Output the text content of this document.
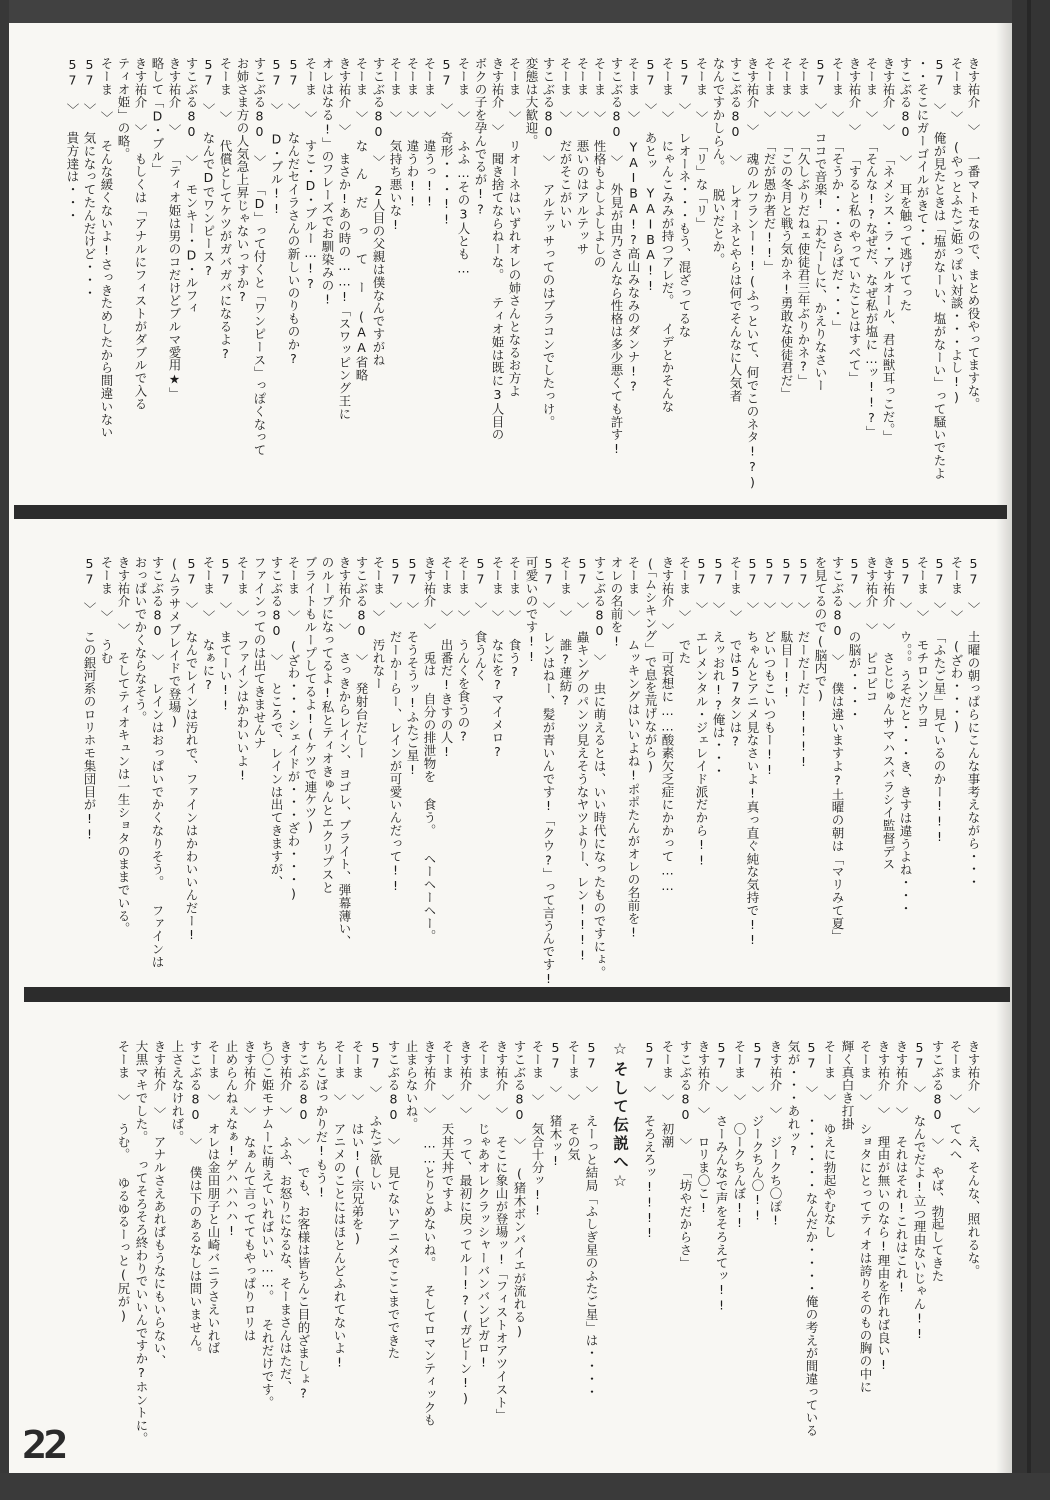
きす祐介 〉 一番マトモなので、まとめ役やってますな。
そーま 〉 (やっとふたご姫っぽい対談・・・よし!)
57 〉 俺が見たときは「塩がなーい、塩がなーい」って騒いでたよ
・・そこにガーゴイルがきて・・
すこぶる80 〉 耳を触って逃げてった
きす祐介 〉 「ネメシス・ラ・アルオール、君は獣耳っこだ。」
そーま 〉 「そんな!?なぜだ、なぜ私が塩に…ッ!!?」
きす祐介 〉 「すると私のやっていたことはすべて」
そーま 〉 「そうか・・・さらばだ・・・」
57 〉 ココで音楽!「わたーしに、かえりなさいー
そーま 〉 「久しぶりだねェ使徒君三年ぶりかネ?」
そーま 〉 「この冬月と戦う気かネ!勇敢な使徒君だ」
そーま 〉 「だが愚か者だ!!」
きす祐介 〉 魂のルフランー!!(ふっといて、何でこのネタ!?)
すこぶる80 〉 レオーネとやらは何でそんなに人気者
なんですかしらん。 脱いだとか。
そーま 〉 「リ」な「リ」
57 〉 レオーネ・・・もう、混ざってるな
そーま 〉 にゃんこみみが持つアレだ。 イデとかそんな
57 〉 あとッ YAIBA!!
そーま 〉 YAIBA!?高山みなみのダンナ!?
すこぶる80 〉 外見が由乃さんなら性格は多少悪くても許す!
そーま 〉 性格もよしよしよしの
そーま 〉 悪いのはアルテッサ
そーま 〉 だがそこがいい
すこぶる80 〉 アルテッサってのはブラコンでしたっけ。
変態は大歓迎。
そーま 〉 リオーネはいずれオレの姉さんとなるお方よ
きす祐介 〉 聞き捨てならねーな。 ティオ姫は既に3人目の
ボクの子を孕んでるが!?
そーま 〉 ふふ…その3人とも…
57 〉 奇形・・・!!
そーま 〉 違うっ!!
そーま 〉 違うわ!!
そーま 〉 気持ち悪いな!
すこぶる80 〉 2人目の父親は僕なんですがね
そーま 〉 な ん だ っ て ー (AA省略
きす祐介 〉 まさか!あの時の……!「スワッピング王に
オレはなる!」のフレーズでお馴染みの!
そーま 〉 すこ・D・ブルー…!?
57 〉 なんだセイラさんの新しいのりものか?
57 〉 D・ブル!!
すこぶる80 〉 「D」って付くと「ワンピース」っぽくなって
お姉さま方の人気急上昇じゃないっすか?
そーま 〉 代償としてケツがガバガバになるよ?
57 〉 なんでDでワンピース?
すこぶる80 〉 モンキー・D・ルフィ
きす祐介 〉 「ティオ姫は男のコだけどブルマ愛用★」
略して「D・ブル」
きす祐介 〉 もしくは「アナルにフィストがダブルで入る
ティオ姫」の略。
そーま 〉 そんな緩くないよ!さっきためしたから間違いない
57 〉 気になってたんだけど・・・
57 〉 貴方達は・・・
57 〉 土曜の朝っぱらにこんな事考えながら・・・
そーま 〉 (ざわ・・・)
57 〉 「ふたご星」見ているのかー!!!
そーま 〉 モチロンソウヨ
57 〉 ウ。。。うそだと・・・き、きすは違うよね・・・
きす祐介 〉 さとじゅんサマハスバラシイ監督デス
きす祐介 〉 ピコピコ
57 〉 の脳が・・・・
すこぶる80 〉 僕は違いますよ?土曜の朝は「マリみて夏」
を見てるので(脳内で)
57 〉 だーだーだー!!!!
57 〉 駄目ー!!
57 〉 どいつもこいつもー!!
57 〉 ちゃんとアニメ見なさいよ!真っ直ぐ純な気持で!!
そーま 〉 では57タンは?
57 〉 えッおれ!?俺は・・・
57 〉 エレメンタル・ジェレイド派だから!!
そーま 〉 でた
きす祐介 〉 可哀想に……酸素欠乏症にかかって……
(「ムシキング」で息を荒げながら)
そーま 〉 ムッキングはいいよね!ポポたんがオレの名前を!
オレの名前を!
すこぶる80 〉 虫に萌えるとは、いい時代になったものですにょ。
57 〉 蟲キングのパンツ見えそうなヤツよりー、レン!!!!
そーま 〉 誰?蓮紡?
57 〉 レンはねー、髪が青いんです!「クウ?」って言うんです!
可愛いのです!!
そーま 〉 食う?
そーま 〉 なにを?マイメロ?
57 〉 食うんく
そーま 〉 うんくを食うの?
そーま 〉 出番だ!きすの人!
きす祐介 〉 兎は 自分の排泄物を 食う。 ヘーヘーヘー。
57 〉 そうそうッ!ふたご星!
57 〉 だーかーらー、レインが可愛いんだって!!
そーま 〉 汚れなー
すこぶる80 〉 発射台だしー
きす祐介 〉 さっきからレイン、ヨゴレ、ブライト、弾幕薄い、
のループになってるよ!私とティオきゅんとエクリプスと
ブライトもループしてるよ!(ケツで連ケツ)
そーま 〉 (ざわ・・・シェイドが・・・ざわ・・・)
すこぶる80 〉 ところで、レインは出てきますが、
ファインってのは出てきませんナ
そーま 〉 ファインはかわいいよ!
57 〉 まてーい!!
そーま 〉 なぁに?
57 〉 なんでレインは汚れで、ファインはかわいいんだー!
(ムラサメブレイドで登場)
すこぶる80 〉 レインはおっぱいでかくなりそう。 ファインは
おっぱいでかくならなそう。
きす祐介 〉 そしてティオキュンは一生ショタのままでいる。
そーま 〉 うむ
57 〉 この銀河系のロリホモ集団目が!!
きす祐介 〉 え、そんな、照れるな。
そーま 〉 てへへ
すこぶる80 〉 やば、勃起してきた
57 〉 なんでだよ!立つ理由ないじゃん!!
きす祐介 〉 それはそれ!これはこれ!
きす祐介 〉 理由が無いのなら!理由を作れば良い!
そーま 〉 ショタにとってティオは誇りそのもの胸の中に
輝く真白き打掛
そーま 〉 ゆえに勃起やむなし
57 〉 ・・・・・・なんだか・・・・俺の考えが間違っている
気が・・・あれッ?
きす祐介 〉 ジークち〇ぽ!
57 〉 ジークちん〇!!
そーま 〉 〇ークちんぼ!!
57 〉 さーみんなで声をそろえてッ!!
きす祐介 〉 ロリま〇こ!
すこぶる80 〉 「坊やだからさ」
そーま 〉 初潮
57 〉 そろえろッ!!!!
☆そして伝説へ☆
57 〉 えーっと結局「ふしぎ星のふたご星」は・・・・
そーま 〉 その気
57 〉 猪木ッ!
そーま 〉 気合十分ッ!!
すこぶる80 〉 (猪木ボンバイエが流れる)
きす祐介 〉 そこに象山が登場ッ!「フィストオアツイスト」
そーま 〉 じゃあオレクラッシャーバンバンビガロ!
きす祐介 〉 って、最初に戻ってルー!?(ガビーン!)
そーま 〉 天丼天丼ですよ
きす祐介 〉 ……とりとめないね。 そしてロマンティックも
止まらないね。
すこぶる80 〉 見てないアニメでここまでできた
57 〉 ふたご欲しい
そーま 〉 はい!(宗兄弟を)
そーま 〉 アニメのことにはほとんどふれてないよ!
ちんこばっかりだ!もう!
すこぶる80 〉 でも、お客様は皆ちんこ目的ざましょ?
きす祐介 〉 ふふ、お怒りになるな、そーまさんはただ、
ち〇こ姫モナムーに萌えていればいい……。 それだけです。
きす祐介 〉 なぁんて言っててもやっぱりロリは
止めらんねぇなぁ!ゲハハハハ!
そーま 〉 オレは金田朋子と山崎バニラさえいれば
すこぶる80 〉 僕は下のあるなしは問いません。
上さえなければ。
きす祐介 〉 アナルさえあればもうなにもいらない、
大黒マキでした。 ってそろそろ終わりでいいんですか?ホントに。
そーま 〉 うむ。 ゆるゆるーっと(尻が)
22
